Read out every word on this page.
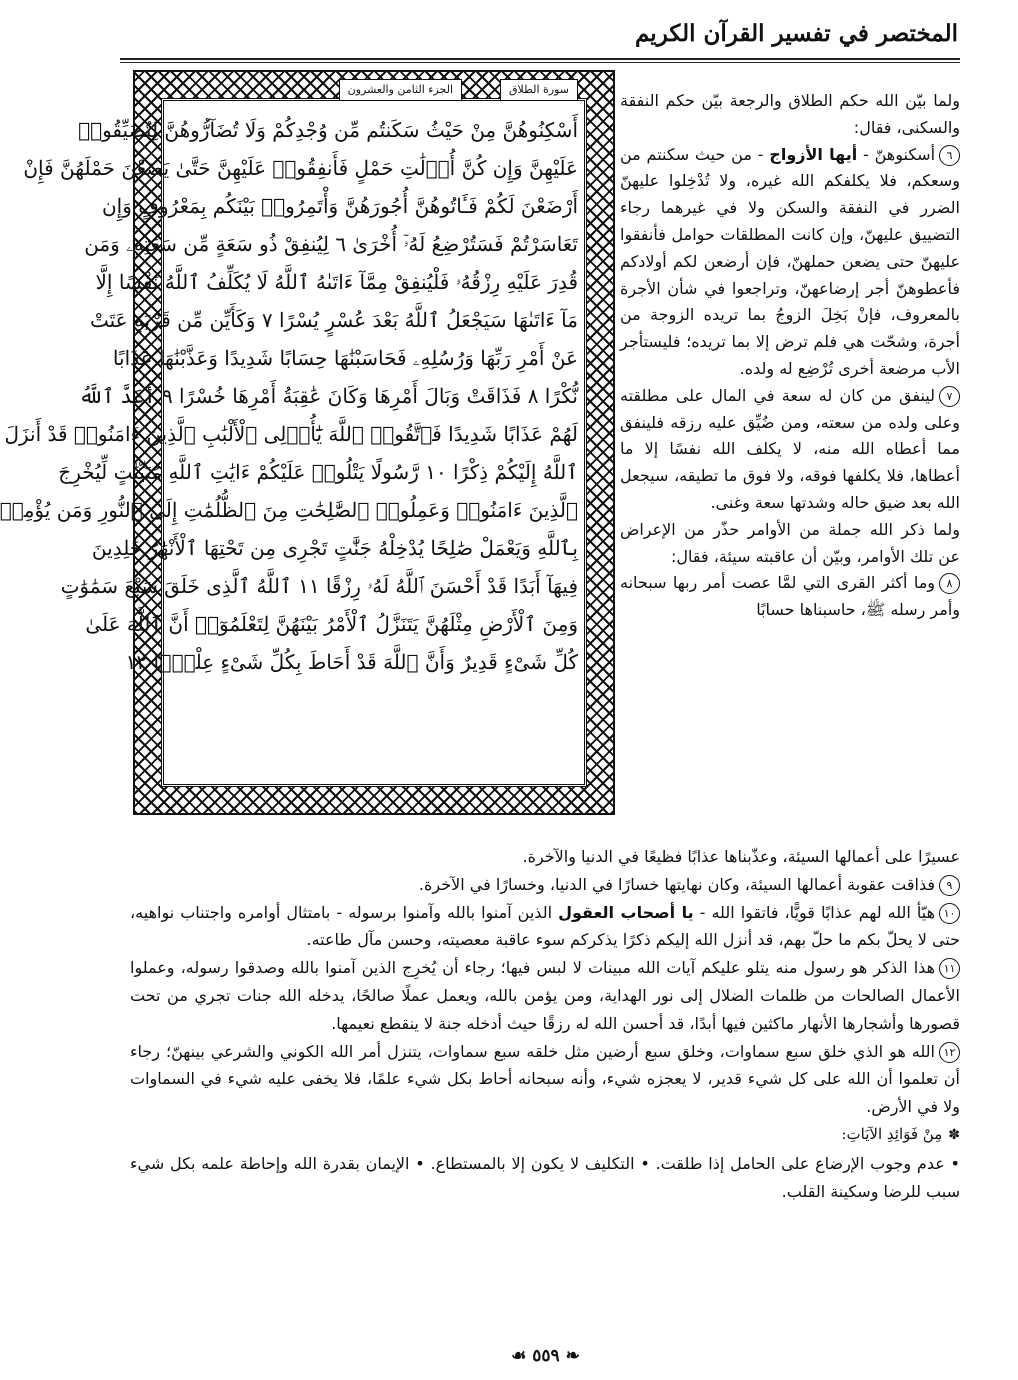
المختصر في تفسير القرآن الكريم
سورة الطلاق
الجزء الثامن والعشرون
أَسْكِنُوهُنَّ مِنْ حَيْثُ سَكَنتُم مِّن وُجْدِكُمْ وَلَا تُضَآرُّوهُنَّ لِتُضَيِّقُوا۟
عَلَيْهِنَّ وَإِن كُنَّ أُو۟لَٰتِ حَمْلٍ فَأَنفِقُوا۟ عَلَيْهِنَّ حَتَّىٰ يَضَعْنَ حَمْلَهُنَّ فَإِنْ
أَرْضَعْنَ لَكُمْ فَـَٔاتُوهُنَّ أُجُورَهُنَّ وَأْتَمِرُوا۟ بَيْنَكُم بِمَعْرُوفٍ وَإِن
تَعَاسَرْتُمْ فَسَتُرْضِعُ لَهُۥٓ أُخْرَىٰ ٦ لِيُنفِقْ ذُو سَعَةٍ مِّن سَعَتِهِۦ وَمَن
قُدِرَ عَلَيْهِ رِزْقُهُۥ فَلْيُنفِقْ مِمَّآ ءَاتَىٰهُ ٱللَّهُ لَا يُكَلِّفُ ٱللَّهُ نَفْسًا إِلَّا
مَآ ءَاتَىٰهَا سَيَجْعَلُ ٱللَّهُ بَعْدَ عُسْرٍ يُسْرًا ٧ وَكَأَيِّن مِّن قَرْيَةٍ عَتَتْ
عَنْ أَمْرِ رَبِّهَا وَرُسُلِهِۦ فَحَاسَبْنَٰهَا حِسَابًا شَدِيدًا وَعَذَّبْنَٰهَا عَذَابًا
نُّكْرًا ٨ فَذَاقَتْ وَبَالَ أَمْرِهَا وَكَانَ عَٰقِبَةُ أَمْرِهَا خُسْرًا ٩ أَعَدَّ ٱللَّهُ
لَهُمْ عَذَابًا شَدِيدًا فَٱتَّقُوا۟ ٱللَّهَ يَٰٓأُو۟لِى ٱلْأَلْبَٰبِ ٱلَّذِينَ ءَامَنُوا۟ قَدْ أَنزَلَ
ٱللَّهُ إِلَيْكُمْ ذِكْرًا ١٠ رَّسُولًا يَتْلُوا۟ عَلَيْكُمْ ءَايَٰتِ ٱللَّهِ مُبَيِّنَٰتٍ لِّيُخْرِجَ
ٱلَّذِينَ ءَامَنُوا۟ وَعَمِلُوا۟ ٱلصَّٰلِحَٰتِ مِنَ ٱلظُّلُمَٰتِ إِلَى ٱلنُّورِ وَمَن يُؤْمِنۢ
بِٱللَّهِ وَيَعْمَلْ صَٰلِحًا يُدْخِلْهُ جَنَّٰتٍ تَجْرِى مِن تَحْتِهَا ٱلْأَنْهَٰرُ خَٰلِدِينَ
فِيهَآ أَبَدًا قَدْ أَحْسَنَ ٱللَّهُ لَهُۥ رِزْقًا ١١ ٱللَّهُ ٱلَّذِى خَلَقَ سَبْعَ سَمَٰوَٰتٍ
وَمِنَ ٱلْأَرْضِ مِثْلَهُنَّ يَتَنَزَّلُ ٱلْأَمْرُ بَيْنَهُنَّ لِتَعْلَمُوٓا۟ أَنَّ ٱللَّهَ عَلَىٰ
كُلِّ شَىْءٍ قَدِيرٌ وَأَنَّ ٱللَّهَ قَدْ أَحَاطَ بِكُلِّ شَىْءٍ عِلْمًۢا ١٢

ولما بيّن الله حكم الطلاق والرجعة بيّن حكم النفقة والسكنى، فقال:

٦أسكنوهنّ - أيها الأزواج - من حيث سكنتم من وسعكم، فلا يكلفكم الله غيره، ولا تُدْخِلوا عليهنّ الضرر في النفقة والسكن ولا في غيرهما رجاء التضييق عليهنّ، وإن كانت المطلقات حوامل فأنفقوا عليهنّ حتى يضعن حملهنّ، فإن أرضعن لكم أولادكم فأعطوهنّ أجر إرضاعهنّ، وتراجعوا في شأن الأجرة بالمعروف، فإنْ بَخِلَ الزوجُ بما تريده الزوجة من أجرة، وشحّت هي فلم ترض إلا بما تريده؛ فليستأجر الأب مرضعة أخرى تُرْضِع له ولده.

٧لينفق من كان له سعة في المال على مطلقته وعلى ولده من سعته، ومن ضُيِّق عليه رزقه فلينفق مما أعطاه الله منه، لا يكلف الله نفسًا إلا ما أعطاها، فلا يكلفها فوقه، ولا فوق ما تطيقه، سيجعل الله بعد ضيق حاله وشدتها سعة وغنى.

ولما ذكر الله جملة من الأوامر حذّر من الإعراض عن تلك الأوامر، وبيّن أن عاقبته سيئة، فقال:

٨وما أكثر القرى التي لمَّا عصت أمر ربها سبحانه وأمر رسله ﷺ، حاسبناها حسابًا

عسيرًا على أعمالها السيئة، وعذّبناها عذابًا فظيعًا في الدنيا والآخرة.

٩فذاقت عقوبة أعمالها السيئة، وكان نهايتها خسارًا في الدنيا، وخسارًا في الآخرة.

١٠هيّأ الله لهم عذابًا قويًّا، فاتقوا الله - يا أصحاب العقول الذين آمنوا بالله وآمنوا برسوله - بامتثال أوامره واجتناب نواهيه، حتى لا يحلّ بكم ما حلّ بهم، قد أنزل الله إليكم ذكرًا يذكركم سوء عاقبة معصيته، وحسن مآل طاعته.

١١هذا الذكر هو رسول منه يتلو عليكم آيات الله مبينات لا لبس فيها؛ رجاء أن يُخرِج الذين آمنوا بالله وصدقوا رسوله، وعملوا الأعمال الصالحات من ظلمات الضلال إلى نور الهداية، ومن يؤمن بالله، ويعمل عملًا صالحًا، يدخله الله جنات تجري من تحت قصورها وأشجارها الأنهار ماكثين فيها أبدًا، قد أحسن الله له رزقًا حيث أدخله جنة لا ينقطع نعيمها.

١٢الله هو الذي خلق سبع سماوات، وخلق سبع أرضين مثل خلقه سبع سماوات، يتنزل أمر الله الكوني والشرعي بينهنّ؛ رجاء أن تعلموا أن الله على كل شيء قدير، لا يعجزه شيء، وأنه سبحانه أحاط بكل شيء علمًا، فلا يخفى عليه شيء في السماوات ولا في الأرض.

✽مِنْ فَوَائِدِ الآيَاتِ:

• عدم وجوب الإرضاع على الحامل إذا طلقت. • التكليف لا يكون إلا بالمستطاع. • الإيمان بقدرة الله وإحاطة علمه بكل شيء سبب للرضا وسكينة القلب.

❧ ٥٥٩ ☙
